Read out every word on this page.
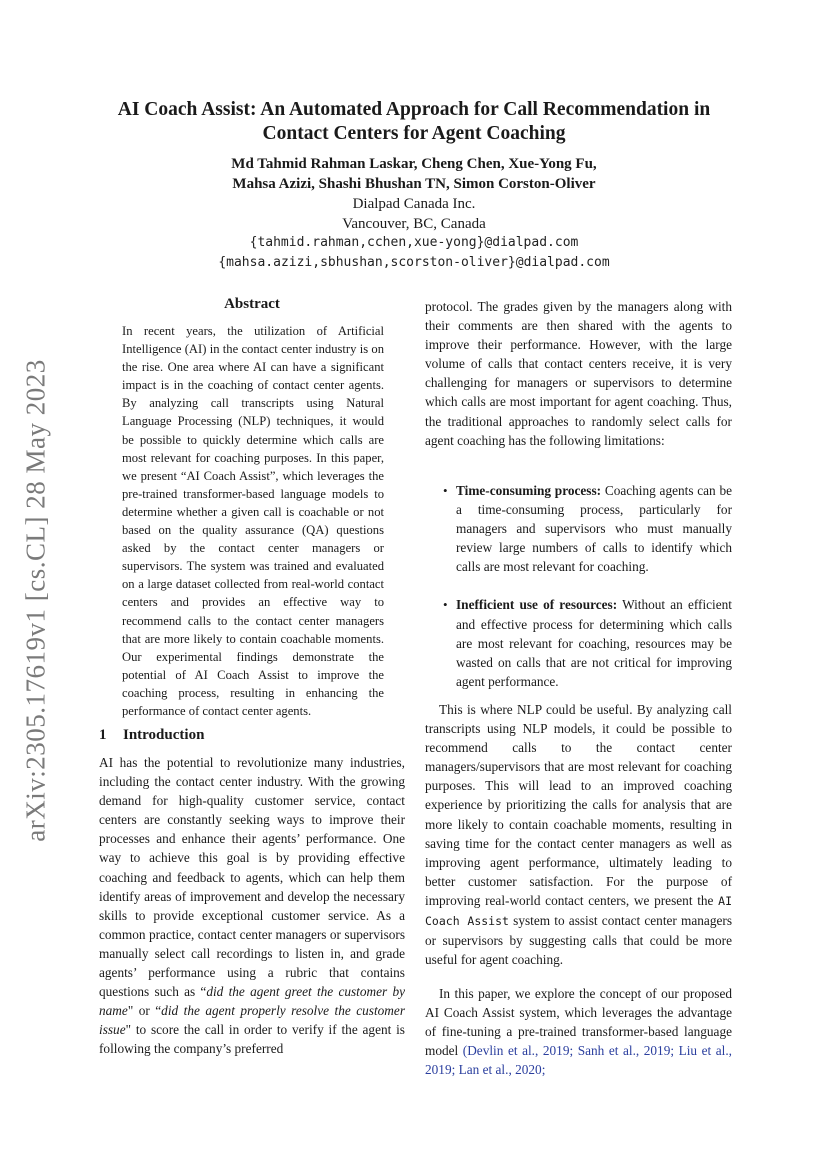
arXiv:2305.17619v1 [cs.CL] 28 May 2023
AI Coach Assist: An Automated Approach for Call Recommendation in
Contact Centers for Agent Coaching
Md Tahmid Rahman Laskar, Cheng Chen, Xue-Yong Fu,
Mahsa Azizi, Shashi Bhushan TN, Simon Corston-Oliver
Dialpad Canada Inc.
Vancouver, BC, Canada
{tahmid.rahman,cchen,xue-yong}@dialpad.com
{mahsa.azizi,sbhushan,scorston-oliver}@dialpad.com
Abstract

In recent years, the utilization of Artificial Intelligence (AI) in the contact center industry is on the rise. One area where AI can have a significant impact is in the coaching of contact center agents. By analyzing call transcripts using Natural Language Processing (NLP) techniques, it would be possible to quickly determine which calls are most relevant for coaching purposes. In this paper, we present “AI Coach Assist”, which leverages the pre-trained transformer-based language models to determine whether a given call is coachable or not based on the quality assurance (QA) questions asked by the contact center managers or supervisors. The system was trained and evaluated on a large dataset collected from real-world contact centers and provides an effective way to recommend calls to the contact center managers that are more likely to contain coachable moments. Our experimental findings demonstrate the potential of AI Coach Assist to improve the coaching process, resulting in enhancing the performance of contact center agents.

1 Introduction

AI has the potential to revolutionize many industries, including the contact center industry. With the growing demand for high-quality customer service, contact centers are constantly seeking ways to improve their processes and enhance their agents’ performance. One way to achieve this goal is by providing effective coaching and feedback to agents, which can help them identify areas of improvement and develop the necessary skills to provide exceptional customer service. As a common practice, contact center managers or supervisors manually select call recordings to listen in, and grade agents’ performance using a rubric that contains questions such as “did the agent greet the customer by name" or “did the agent properly resolve the customer issue" to score the call in order to verify if the agent is following the company’s preferred

protocol. The grades given by the managers along with their comments are then shared with the agents to improve their performance. However, with the large volume of calls that contact centers receive, it is very challenging for managers or supervisors to determine which calls are most important for agent coaching. Thus, the traditional approaches to randomly select calls for agent coaching has the following limitations:

• Time-consuming process: Coaching agents can be a time-consuming process, particularly for managers and supervisors who must manually review large numbers of calls to identify which calls are most relevant for coaching.
• Inefficient use of resources: Without an efficient and effective process for determining which calls are most relevant for coaching, resources may be wasted on calls that are not critical for improving agent performance.

This is where NLP could be useful. By analyzing call transcripts using NLP models, it could be possible to recommend calls to the contact center managers/supervisors that are most relevant for coaching purposes. This will lead to an improved coaching experience by prioritizing the calls for analysis that are more likely to contain coachable moments, resulting in saving time for the contact center managers as well as improving agent performance, ultimately leading to better customer satisfaction. For the purpose of improving real-world contact centers, we present the AI Coach Assist system to assist contact center managers or supervisors by suggesting calls that could be more useful for agent coaching.

In this paper, we explore the concept of our proposed AI Coach Assist system, which leverages the advantage of fine-tuning a pre-trained transformer-based language model (Devlin et al., 2019; Sanh et al., 2019; Liu et al., 2019; Lan et al., 2020;
